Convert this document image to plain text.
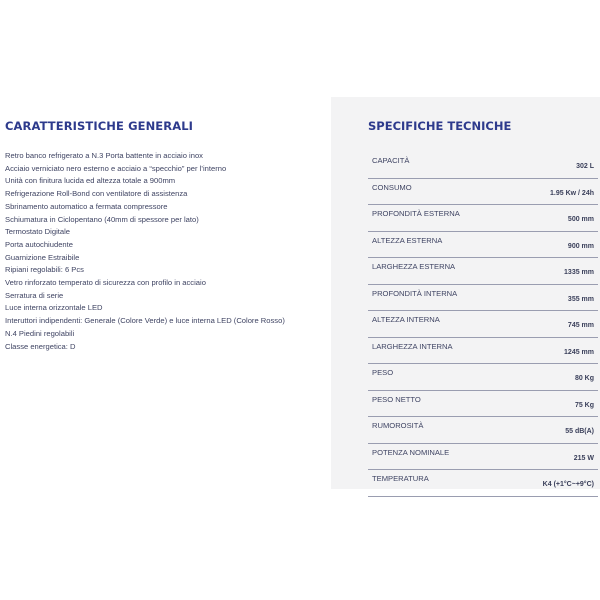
CARATTERISTICHE GENERALI
Retro banco refrigerato a N.3 Porta battente in acciaio inox
Acciaio verniciato nero esterno e acciaio a “specchio” per l’interno
Unità con finitura lucida ed altezza totale a 900mm
Refrigerazione Roll-Bond con ventilatore di assistenza
Sbrinamento automatico a fermata compressore
Schiumatura in Ciclopentano (40mm di spessore per lato)
Termostato Digitale
Porta autochiudente
Guarnizione Estraibile
Ripiani regolabili: 6 Pcs
Vetro rinforzato temperato di sicurezza con profilo in acciaio
Serratura di serie
Luce interna orizzontale LED
Interuttori indipendenti: Generale (Colore Verde) e luce interna LED (Colore Rosso)
N.4 Piedini regolabili
Classe energetica: D
SPECIFICHE TECNICHE
CAPACITÀ
302 L
CONSUMO
1.95 Kw / 24h
PROFONDITÀ ESTERNA
500 mm
ALTEZZA ESTERNA
900 mm
LARGHEZZA ESTERNA
1335 mm
PROFONDITÀ INTERNA
355 mm
ALTEZZA INTERNA
745 mm
LARGHEZZA INTERNA
1245 mm
PESO
80 Kg
PESO NETTO
75 Kg
RUMOROSITÀ
55 dB(A)
POTENZA NOMINALE
215 W
TEMPERATURA
K4 (+1°C~+9°C)
